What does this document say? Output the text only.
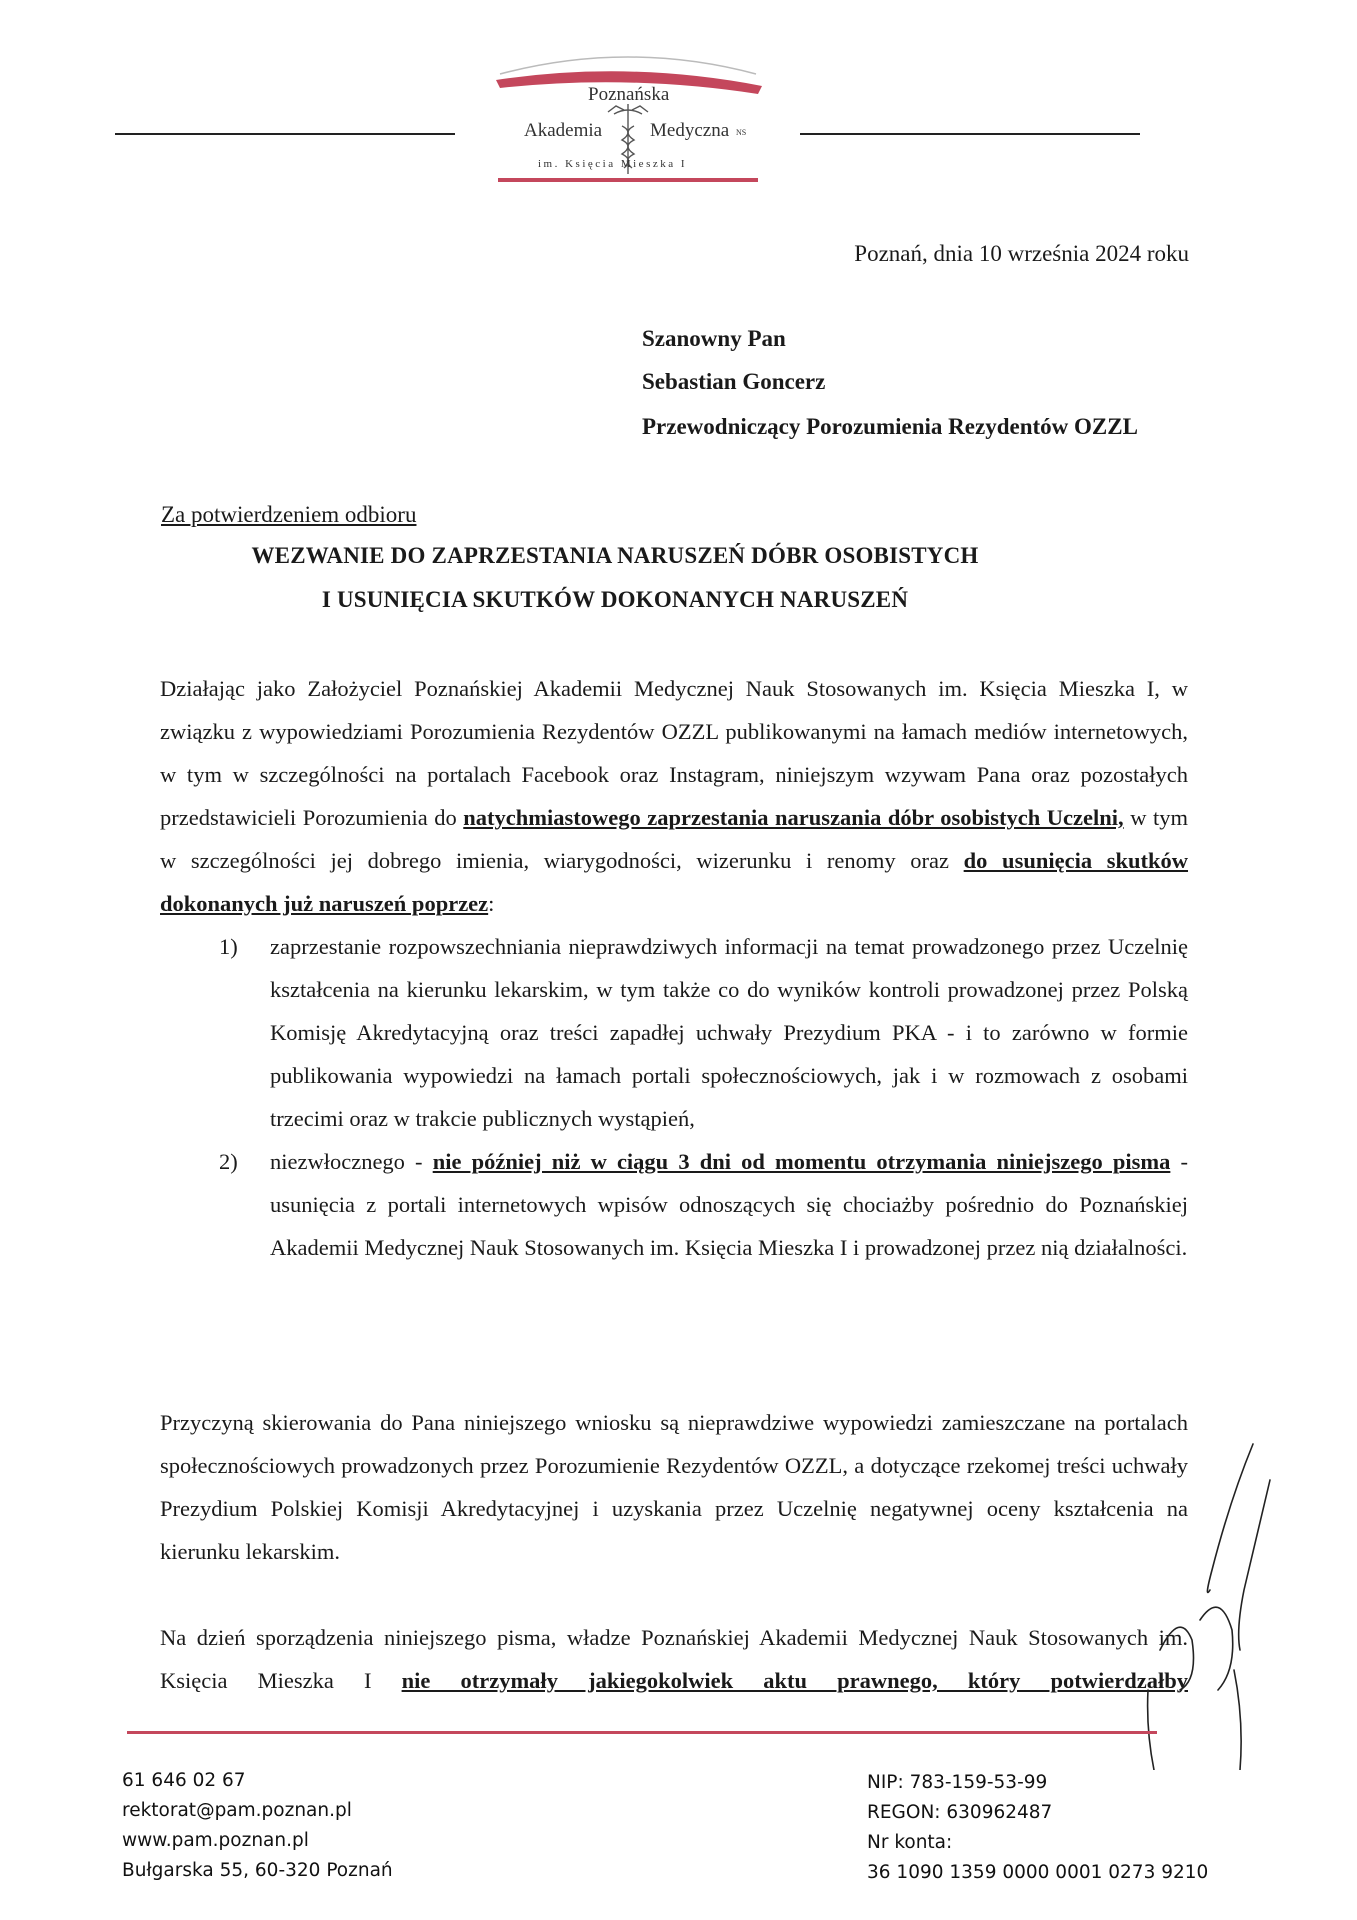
Poznańska
Akademia	Medyczna NS
im. Księcia Mieszka I
Poznań, dnia 10 września 2024 roku
Szanowny Pan
Sebastian Goncerz
Przewodniczący Porozumienia Rezydentów OZZL
Za potwierdzeniem odbioru
WEZWANIE DO ZAPRZESTANIA NARUSZEŃ DÓBR OSOBISTYCH
I USUNIĘCIA SKUTKÓW DOKONANYCH NARUSZEŃ

Działając jako Założyciel Poznańskiej Akademii Medycznej Nauk Stosowanych im. Księcia Mieszka I, w związku z wypowiedziami Porozumienia Rezydentów OZZL publikowanymi na łamach mediów internetowych, w tym w szczególności na portalach Facebook oraz Instagram, niniejszym wzywam Pana oraz pozostałych przedstawicieli Porozumienia do natychmiastowego zaprzestania naruszania dóbr osobistych Uczelni, w tym w szczególności jej dobrego imienia, wiarygodności, wizerunku i renomy oraz do usunięcia skutków dokonanych już naruszeń poprzez:

1) zaprzestanie rozpowszechniania nieprawdziwych informacji na temat prowadzonego przez Uczelnię kształcenia na kierunku lekarskim, w tym także co do wyników kontroli prowadzonej przez Polską Komisję Akredytacyjną oraz treści zapadłej uchwały Prezydium PKA - i to zarówno w formie publikowania wypowiedzi na łamach portali społecznościowych, jak i w rozmowach z osobami trzecimi oraz w trakcie publicznych wystąpień,
2) niezwłocznego - nie później niż w ciągu 3 dni od momentu otrzymania niniejszego pisma - usunięcia z portali internetowych wpisów odnoszących się chociażby pośrednio do Poznańskiej Akademii Medycznej Nauk Stosowanych im. Księcia Mieszka I i prowadzonej przez nią działalności.

Przyczyną skierowania do Pana niniejszego wniosku są nieprawdziwe wypowiedzi zamieszczane na portalach społecznościowych prowadzonych przez Porozumienie Rezydentów OZZL, a dotyczące rzekomej treści uchwały Prezydium Polskiej Komisji Akredytacyjnej i uzyskania przez Uczelnię negatywnej oceny kształcenia na kierunku lekarskim.

Na dzień sporządzenia niniejszego pisma, władze Poznańskiej Akademii Medycznej Nauk Stosowanych im. Księcia Mieszka I nie otrzymały jakiegokolwiek aktu prawnego, który potwierdzałby

61 646 02 67
rektorat@pam.poznan.pl
www.pam.poznan.pl
Bułgarska 55, 60-320 Poznań
NIP: 783-159-53-99
REGON: 630962487
Nr konta:
36 1090 1359 0000 0001 0273 9210
